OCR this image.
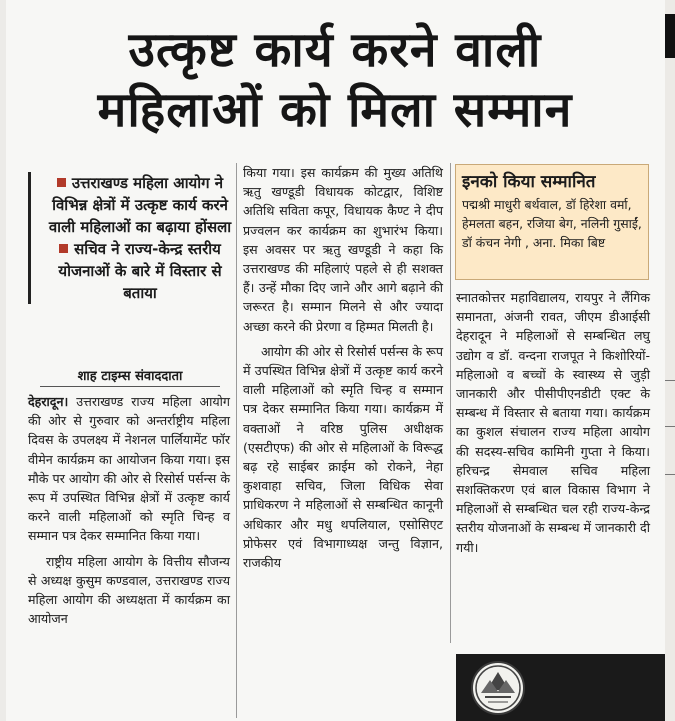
उत्कृष्ट कार्य करने वाली
महिलाओं को मिला सम्मान

उत्तराखण्ड महिला आयोग ने विभिन्न क्षेत्रों में उत्कृष्ट कार्य करने वाली महिलाओं का बढ़ाया होंसला

सचिव ने राज्य-केन्द्र स्तरीय योजनाओं के बारे में विस्तार से बताया

शाह टाइम्स संवाददाता

देहरादून। उत्तराखण्ड राज्य महिला आयोग की ओर से गुरुवार को अन्तर्राष्ट्रीय महिला दिवस के उपलक्ष्य में नेशनल पार्लियामेंट फॉर वीमेन कार्यक्रम का आयोजन किया गया। इस मौके पर आयोग की ओर से रिसोर्स पर्सन्स के रूप में उपस्थित विभिन्न क्षेत्रों में उत्कृष्ट कार्य करने वाली महिलाओं को स्मृति चिन्ह व सम्मान पत्र देकर सम्मानित किया गया।

राष्ट्रीय महिला आयोग के वित्तीय सौजन्य से अध्यक्ष कुसुम कण्डवाल, उत्तराखण्ड राज्य महिला आयोग की अध्यक्षता में कार्यक्रम का आयोजन

किया गया। इस कार्यक्रम की मुख्य अतिथि ऋतु खण्डूडी विधायक कोटद्वार, विशिष्ट अतिथि सविता कपूर, विधायक कैण्ट ने दीप प्रज्वलन कर कार्यक्रम का शुभारंभ किया। इस अवसर पर ऋतु खण्डूडी ने कहा कि उत्तराखण्ड की महिलाएं पहले से ही सशक्त हैं। उन्हें मौका दिए जाने और आगे बढ़ाने की जरूरत है। सम्मान मिलने से और ज्यादा अच्छा करने की प्रेरणा व हिम्मत मिलती है।

आयोग की ओर से रिसोर्स पर्सन्स के रूप में उपस्थित विभिन्न क्षेत्रों में उत्कृष्ट कार्य करने वाली महिलाओं को स्मृति चिन्ह व सम्मान पत्र देकर सम्मानित किया गया। कार्यक्रम में वक्ताओं ने वरिष्ठ पुलिस अधीक्षक (एसटीएफ) की ओर से महिलाओं के विरूद्ध बढ़ रहे साईबर क्राईम को रोकने, नेहा कुशवाहा सचिव, जिला विधिक सेवा प्राधिकरण ने महिलाओं से सम्बन्धित कानूनी अधिकार और मधु थपलियाल, एसोसिएट प्रोफेसर एवं विभागाध्यक्ष जन्तु विज्ञान, राजकीय

इनको किया सम्मानित

पद्मश्री माधुरी बर्थवाल, डॉ हिरेशा वर्मा, हेमलता बहन, रजिया बेग, नलिनी गुसाईं, डॉ कंचन नेगी , अना. मिका बिष्ट

स्नातकोत्तर महाविद्यालय, रायपुर ने लैंगिक समानता, अंजनी रावत, जीएम डीआईसी देहरादून ने महिलाओं से सम्बन्धित लघु उद्योग व डॉ. वन्दना राजपूत ने किशोरियों-महिलाओ व बच्चों के स्वास्थ्य से जुड़ी जानकारी और पीसीपीएनडीटी एक्ट के सम्बन्ध में विस्तार से बताया गया। कार्यक्रम का कुशल संचालन राज्य महिला आयोग की सदस्य-सचिव कामिनी गुप्ता ने किया। हरिचन्द्र सेमवाल सचिव महिला सशक्तिकरण एवं बाल विकास विभाग ने महिलाओं से सम्बन्धित चल रही राज्य-केन्द्र स्तरीय योजनाओं के सम्बन्ध में जानकारी दी गयी।
